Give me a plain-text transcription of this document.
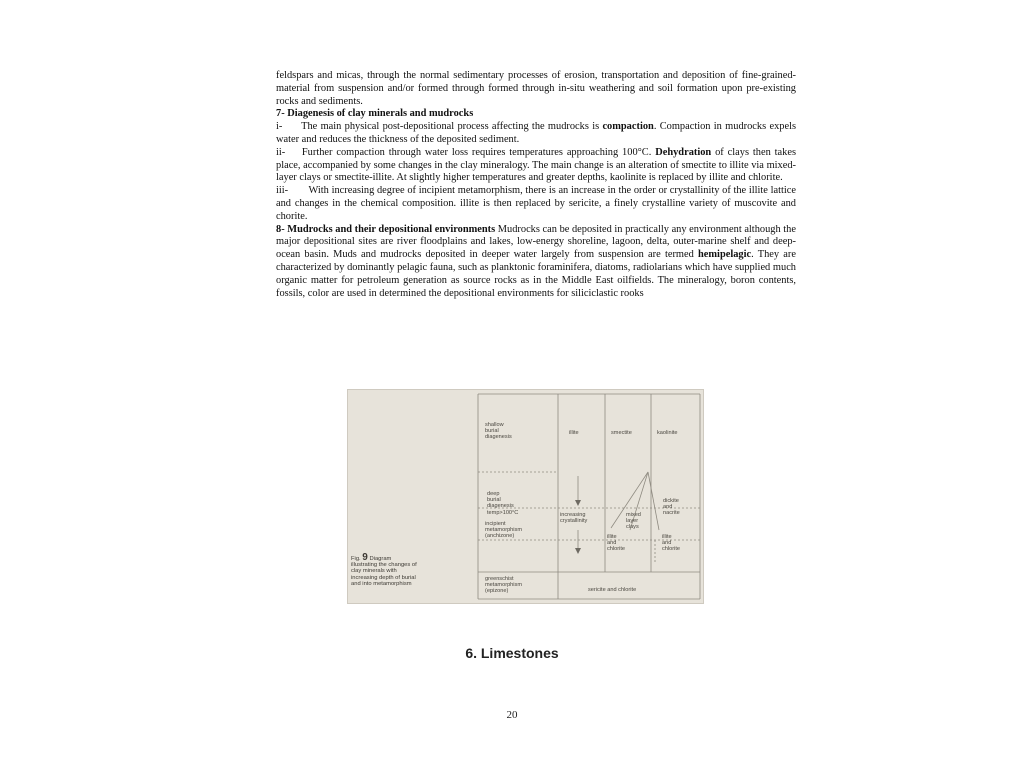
feldspars and micas, through the normal sedimentary processes of erosion, transportation and deposition of fine-grained-material from suspension and/or formed through formed through in-situ weathering and soil formation upon pre-existing rocks and sediments.

7- Diagenesis of clay minerals and mudrocks

i- The main physical post-depositional process affecting the mudrocks is compaction. Compaction in mudrocks expels water and reduces the thickness of the deposited sediment.

ii- Further compaction through water loss requires temperatures approaching 100°C. Dehydration of clays then takes place, accompanied by some changes in the clay mineralogy. The main change is an alteration of smectite to illite via mixed-layer clays or smectite-illite. At slightly higher temperatures and greater depths, kaolinite is replaced by illite and chlorite.

iii- With increasing degree of incipient metamorphism, there is an increase in the order or crystallinity of the illite lattice and changes in the chemical composition. illite is then replaced by sericite, a finely crystalline variety of muscovite and chorite.

8- Mudrocks and their depositional environments Mudrocks can be deposited in practically any environment although the major depositional sites are river floodplains and lakes, low-energy shoreline, lagoon, delta, outer-marine shelf and deep-ocean basin. Muds and mudrocks deposited in deeper water largely from suspension are termed hemipelagic. They are characterized by dominantly pelagic fauna, such as planktonic foraminifera, diatoms, radiolarians which have supplied much organic matter for petroleum generation as source rocks as in the Middle East oilfields. The mineralogy, boron contents, fossils, color are used in determined the depositional environments for siliciclastic rooks

shallow
burial
diagenesis
illite	smectite	kaolinite
deep
burial
diagenesis
temp>100°C	increasing
crystallinity
mixed
layer
clays
dickite
and
nacrite
incipient
metamorphism
(anchizone)	illite
and
chlorite
illite
and
chlorite
greenschist
metamorphism
(epizone)	sericite and chlorite
Fig. 9 Diagram
illustrating the changes of
clay minerals with
increasing depth of burial
and into metamorphism
6. Limestones
20
